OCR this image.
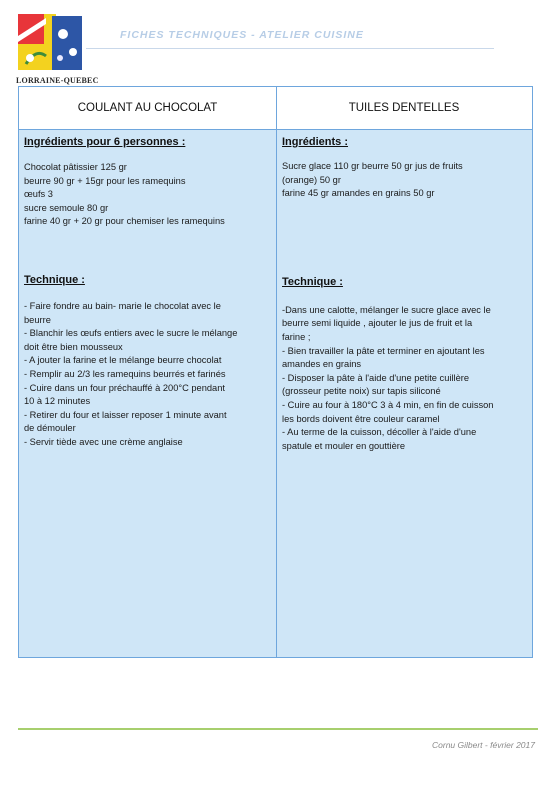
LORRAINE-QUEBEC
FICHES TECHNIQUES - ATELIER CUISINE
COULANT AU CHOCOLAT	TUILES DENTELLES
Ingrédients pour 6 personnes :
Chocolat pâtissier 125 gr
beurre 90 gr + 15gr pour les ramequins
œufs 3
sucre semoule 80 gr
farine 40 gr + 20 gr pour chemiser les ramequins
Technique :
- Faire fondre au bain- marie le chocolat avec le
beurre
- Blanchir les œufs entiers avec le sucre le mélange
doit être bien mousseux
- A jouter la farine et le mélange beurre chocolat
- Remplir au 2/3 les ramequins beurrés et farinés
- Cuire dans un four préchauffé à 200°C pendant
10 à 12 minutes
- Retirer du four et laisser reposer 1 minute avant
de démouler
- Servir tiède avec une crème anglaise
Ingrédients :
Sucre glace 110 gr beurre 50 gr jus de fruits
(orange) 50 gr
farine 45 gr amandes en grains 50 gr
Technique :
-Dans une calotte, mélanger le sucre glace avec le
beurre semi liquide , ajouter le jus de fruit et la
farine ;
- Bien travailler la pâte et terminer en ajoutant les
amandes en grains
- Disposer la pâte à l'aide d'une petite cuillère
(grosseur petite noix) sur tapis siliconé
- Cuire au four à 180°C 3 à 4 min, en fin de cuisson
les bords doivent être couleur caramel
- Au terme de la cuisson, décoller à l'aide d'une
spatule et mouler en gouttière
Cornu Gilbert - février 2017
